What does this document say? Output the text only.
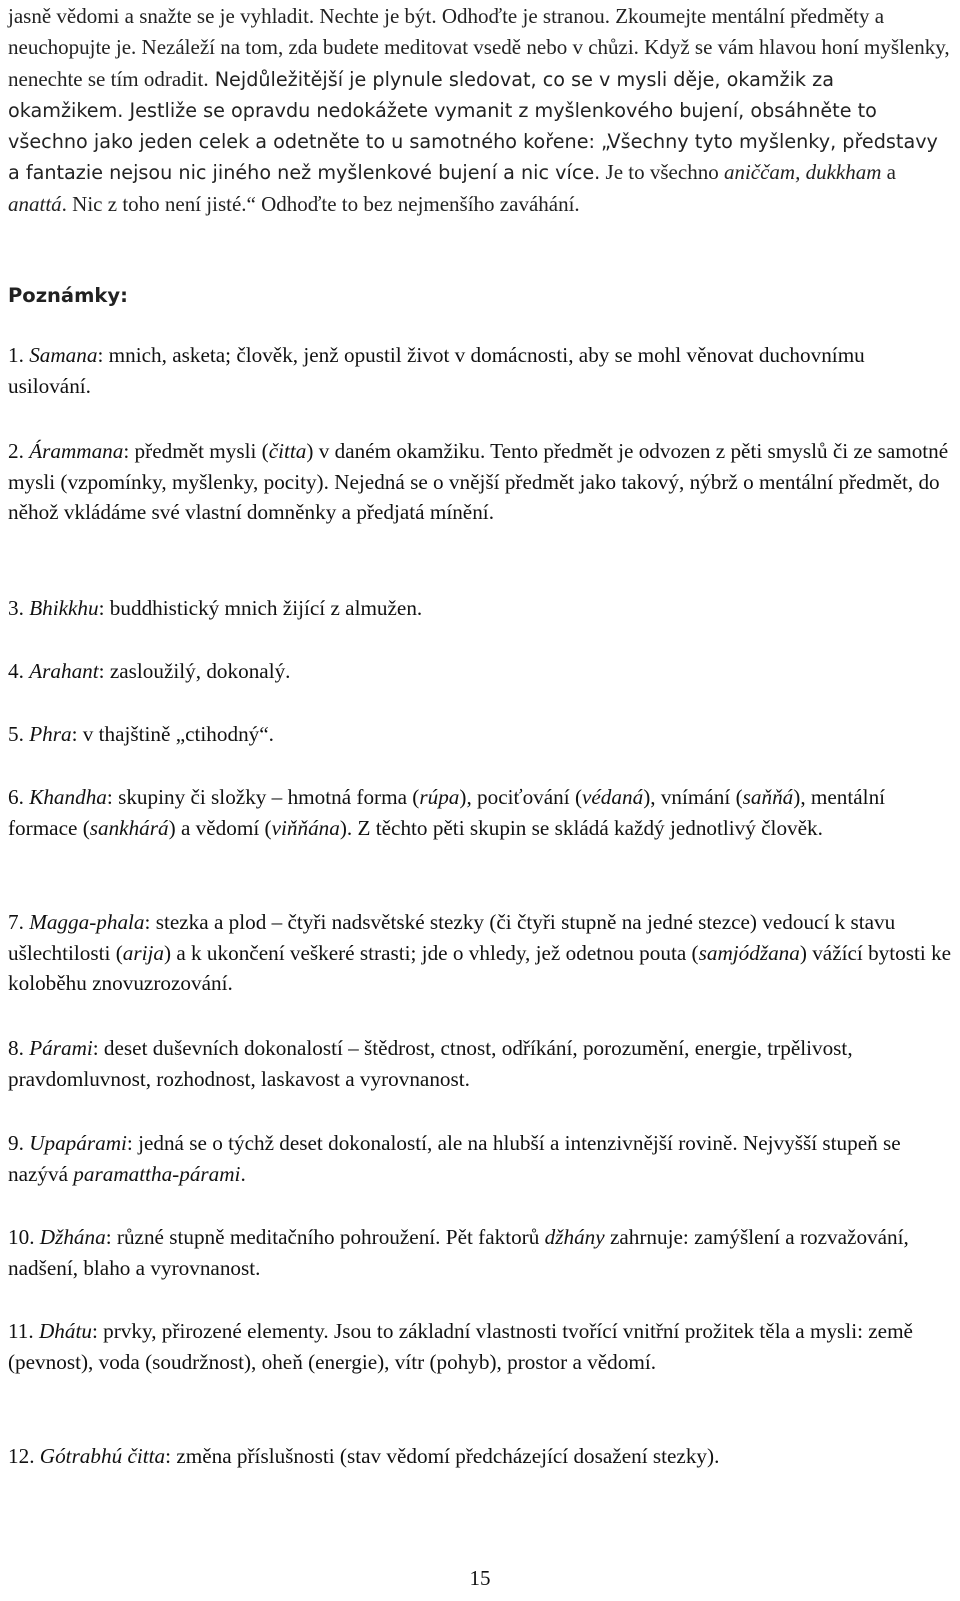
jasně vědomi a snažte se je vyhladit. Nechte je být. Odhoďte je stranou. Zkoumejte mentální předměty a neuchopujte je. Nezáleží na tom, zda budete meditovat vsedě nebo v chůzi. Když se vám hlavou honí myšlenky, nenechte se tím odradit. Nejdůležitější je plynule sledovat, co se v mysli děje, okamžik za okamžikem. Jestliže se opravdu nedokážete vymanit z myšlenkového bujení, obsáhněte to všechno jako jeden celek a odetněte to u samotného kořene: „Všechny tyto myšlenky, představy a fantazie nejsou nic jiného než myšlenkové bujení a nic více. Je to všechno aniččam, dukkham a anattá. Nic z toho není jisté.“ Odhoďte to bez nejmenšího zaváhání.

Poznámky:

1. Samana: mnich, asketa; člověk, jenž opustil život v domácnosti, aby se mohl věnovat duchovnímu usilování.

2. Árammana: předmět mysli (čitta) v daném okamžiku. Tento předmět je odvozen z pěti smyslů či ze samotné mysli (vzpomínky, myšlenky, pocity). Nejedná se o vnější předmět jako takový, nýbrž o mentální předmět, do něhož vkládáme své vlastní domněnky a předjatá mínění.

3. Bhikkhu: buddhistický mnich žijící z almužen.

4. Arahant: zasloužilý, dokonalý.

5. Phra: v thajštině „ctihodný“.

6. Khandha: skupiny či složky – hmotná forma (rúpa), pociťování (védaná), vnímání (saňňá), mentální formace (sankhárá) a vědomí (viňňána). Z těchto pěti skupin se skládá každý jednotlivý člověk.

7. Magga-phala: stezka a plod – čtyři nadsvětské stezky (či čtyři stupně na jedné stezce) vedoucí k stavu ušlechtilosti (arija) a k ukončení veškeré strasti; jde o vhledy, jež odetnou pouta (samjódžana) vážící bytosti ke koloběhu znovuzrozování.

8. Párami: deset duševních dokonalostí – štědrost, ctnost, odříkání, porozumění, energie, trpělivost, pravdomluvnost, rozhodnost, laskavost a vyrovnanost.

9. Upapárami: jedná se o týchž deset dokonalostí, ale na hlubší a intenzivnější rovině. Nejvyšší stupeň se nazývá paramattha-párami.

10. Džhána: různé stupně meditačního pohroužení. Pět faktorů džhány zahrnuje: zamýšlení a rozvažování, nadšení, blaho a vyrovnanost.

11. Dhátu: prvky, přirozené elementy. Jsou to základní vlastnosti tvořící vnitřní prožitek těla a mysli: země (pevnost), voda (soudržnost), oheň (energie), vítr (pohyb), prostor a vědomí.

12. Gótrabhú čitta: změna příslušnosti (stav vědomí předcházející dosažení stezky).

15
